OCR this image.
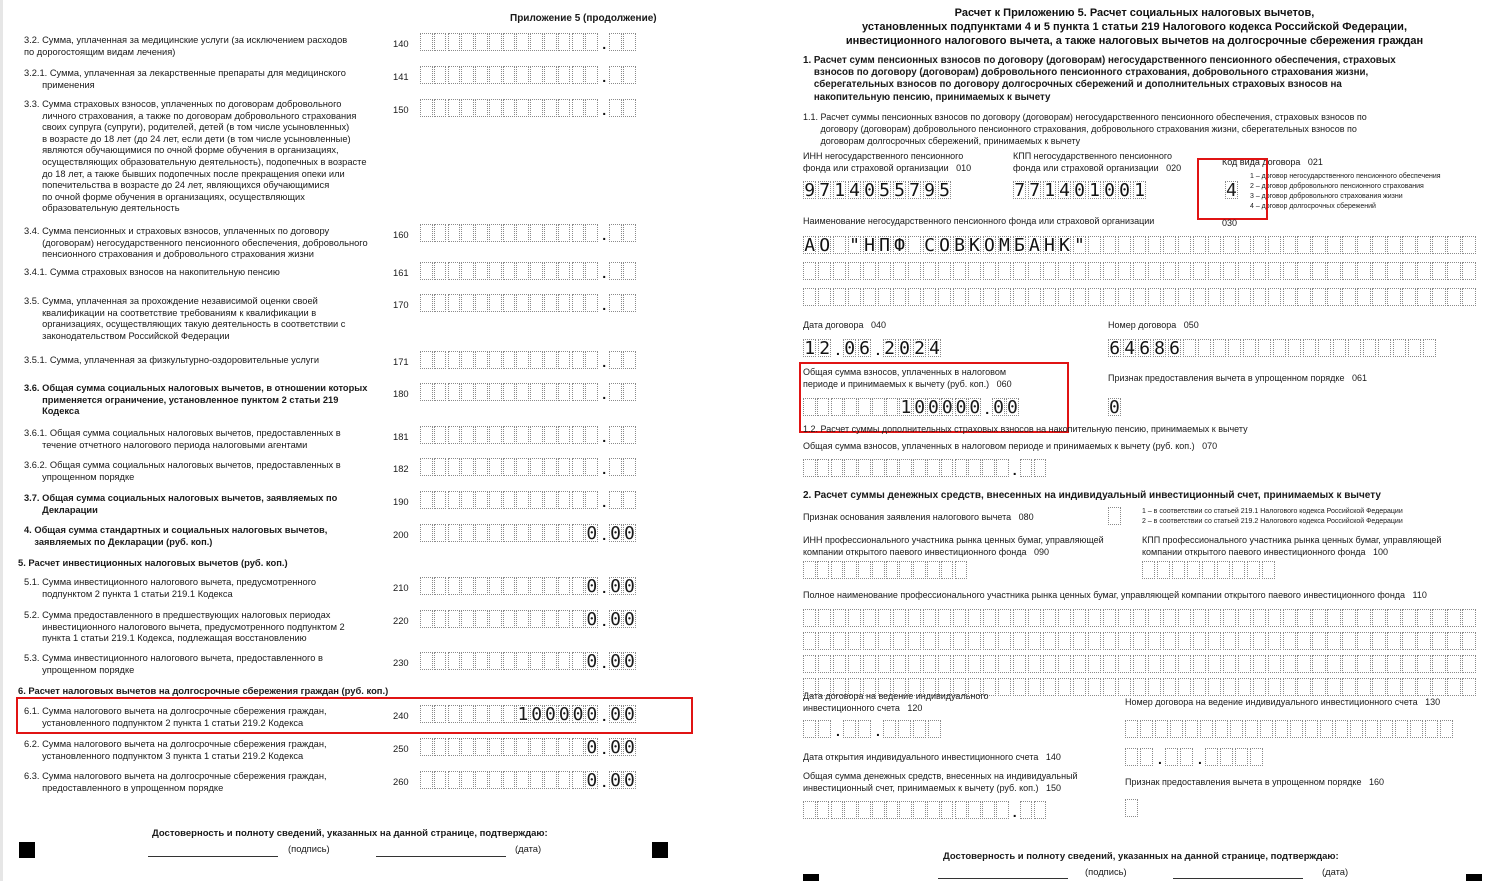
Приложение 5 (продолжение)
3.2. Сумма, уплаченная за медицинские услуги (за исключением расходов
по дорогостоящим видам лечения)
140	.
3.2.1. Сумма, уплаченная за лекарственные препараты для медицинского
применения
141	.
3.3. Сумма страховых взносов, уплаченных по договорам добровольного
личного страхования, а также по договорам добровольного страхования
своих супруга (супруги), родителей, детей (в том числе усыновленных)
в возрасте до 18 лет (до 24 лет, если дети (в том числе усыновленные)
являются обучающимися по очной форме обучения в организациях,
осуществляющих образовательную деятельность), подопечных в возрасте
до 18 лет, а также бывших подопечных после прекращения опеки или
попечительства в возрасте до 24 лет, являющихся обучающимися
по очной форме обучения в организациях, осуществляющих
образовательную деятельность
150	.
3.4. Сумма пенсионных и страховых взносов, уплаченных по договору
(договорам) негосударственного пенсионного обеспечения, добровольного
пенсионного страхования и добровольного страхования жизни
160	.
3.4.1. Сумма страховых взносов на накопительную пенсию	161	.
3.5. Сумма, уплаченная за прохождение независимой оценки своей
квалификации на соответствие требованиям к квалификации в
организациях, осуществляющих такую деятельность в соответствии с
законодательством Российской Федерации
170	.
3.5.1. Сумма, уплаченная за физкультурно-оздоровительные услуги	171	.
3.6. Общая сумма социальных налоговых вычетов, в отношении которых
применяется ограничение, установленное пунктом 2 статьи 219
Кодекса
180	.
3.6.1. Общая сумма социальных налоговых вычетов, предоставленных в
течение отчетного налогового периода налоговыми агентами
181	.
3.6.2. Общая сумма социальных налоговых вычетов, предоставленных в
упрощенном порядке
182	.
3.7. Общая сумма социальных налоговых вычетов, заявляемых по
Декларации
190	.
4. Общая сумма стандартных и социальных налоговых вычетов,
заявляемых по Декларации (руб. коп.)
200	0 . 0 0
5.1. Сумма инвестиционного налогового вычета, предусмотренного
подпунктом 2 пункта 1 статьи 219.1 Кодекса
210	0 . 0 0
5.2. Сумма предоставленного в предшествующих налоговых периодах
инвестиционного налогового вычета, предусмотренного подпунктом 2
пункта 1 статьи 219.1 Кодекса, подлежащая восстановлению
220	0 . 0 0
5.3. Сумма инвестиционного налогового вычета, предоставленного в
упрощенном порядке
230	0 . 0 0
6.1. Сумма налогового вычета на долгосрочные сбережения граждан,
установленного подпунктом 2 пункта 1 статьи 219.2 Кодекса
240	1 0 0 0 0 0 . 0 0
6.2. Сумма налогового вычета на долгосрочные сбережения граждан,
установленного подпунктом 3 пункта 1 статьи 219.2 Кодекса
250	0 . 0 0
6.3. Сумма налогового вычета на долгосрочные сбережения граждан,
предоставленного в упрощенном порядке
260	0 . 0 0
5. Расчет инвестиционных налоговых вычетов (руб. коп.)
6. Расчет налоговых вычетов на долгосрочные сбережения граждан (руб. коп.)
Достоверность и полноту сведений, указанных на данной странице, подтверждаю:
(подпись)	(дата)
Расчет к Приложению 5. Расчет социальных налоговых вычетов,
установленных подпунктами 4 и 5 пункта 1 статьи 219 Налогового кодекса Российской Федерации,
инвестиционного налогового вычета, а также налоговых вычетов на долгосрочные сбережения граждан
1. Расчет сумм пенсионных взносов по договору (договорам) негосударственного пенсионного обеспечения, страховых
взносов по договору (договорам) добровольного пенсионного страхования, добровольного страхования жизни,
сберегательных взносов по договору долгосрочных сбережений и дополнительных страховых взносов на
накопительную пенсию, принимаемых к вычету
1.1. Расчет суммы пенсионных взносов по договору (договорам) негосударственного пенсионного обеспечения, страховых взносов по
договору (договорам) добровольного пенсионного страхования, добровольного страхования жизни, сберегательных взносов по
договорам долгосрочных сбережений, принимаемых к вычету
ИНН негосударственного пенсионного
фонда или страховой организации   010
9 7 1 4 0 5 5 7 9 5
КПП негосударственного пенсионного
фонда или страховой организации   020
7 7 1 4 0 1 0 0 1
Код вида договора   021
4
1 – договор негосударственного пенсионного обеспечения
2 – договор добровольного пенсионного страхования
3 – договор добровольного страхования жизни
4 – договор долгосрочных сбережений
Наименование негосударственного пенсионного фонда или страховой организации	030
А О " Н П Ф С О В К О М Б А Н К "
Дата договора   040
1 2 . 0 6 . 2 0 2 4
Номер договора   050
6 4 6 8 6
Общая сумма взносов, уплаченных в налоговом
периоде и принимаемых к вычету (руб. коп.)   060
1 0 0 0 0 0 . 0 0
Признак предоставления вычета в упрощенном порядке   061
0
1.2. Расчет суммы дополнительных страховых взносов на накопительную пенсию, принимаемых к вычету
Общая сумма взносов, уплаченных в налоговом периоде и принимаемых к вычету (руб. коп.)   070
.
2. Расчет суммы денежных средств, внесенных на индивидуальный инвестиционный счет, принимаемых к вычету
Признак основания заявления налогового вычета   080
1 – в соответствии со статьей 219.1 Налогового кодекса Российской Федерации
2 – в соответствии со статьей 219.2 Налогового кодекса Российской Федерации
ИНН профессионального участника рынка ценных бумаг, управляющей
компании открытого паевого инвестиционного фонда   090
КПП профессионального участника рынка ценных бумаг, управляющей
компании открытого паевого инвестиционного фонда   100
Полное наименование профессионального участника рынка ценных бумаг, управляющей компании открытого паевого инвестиционного фонда   110
Дата договора на ведение индивидуального
инвестиционного счета   120
.	.
Номер договора на ведение индивидуального инвестиционного счета   130
Дата открытия индивидуального инвестиционного счета   140	.	.
Общая сумма денежных средств, внесенных на индивидуальный
инвестиционный счет, принимаемых к вычету (руб. коп.)   150
.
Признак предоставления вычета в упрощенном порядке   160
Достоверность и полноту сведений, указанных на данной странице, подтверждаю:
(подпись)	(дата)
